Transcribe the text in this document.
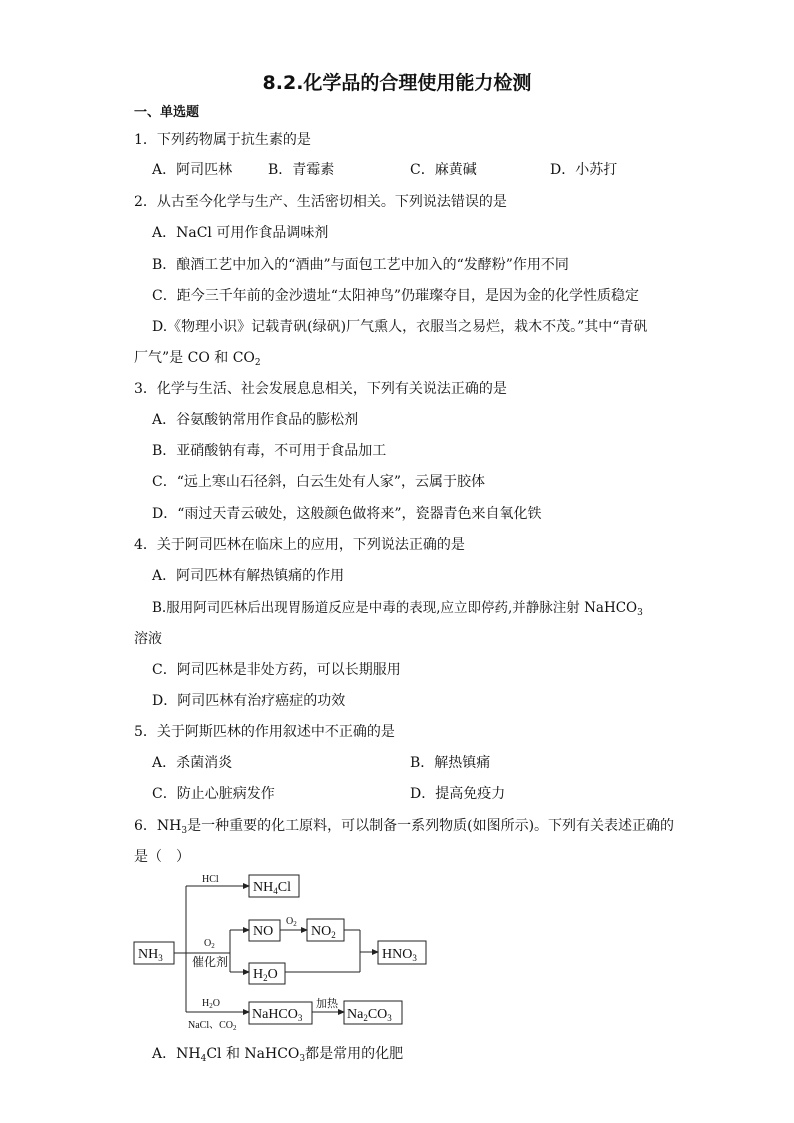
8.2.化学品的合理使用能力检测
一、单选题
1．下列药物属于抗生素的是
A．阿司匹林	B．青霉素	C．麻黄碱	D．小苏打
2．从古至今化学与生产、生活密切相关。下列说法错误的是
A．NaCl 可用作食品调味剂
B．酿酒工艺中加入的“酒曲”与面包工艺中加入的“发酵粉”作用不同
C．距今三千年前的金沙遗址“太阳神鸟”仍璀璨夺目，是因为金的化学性质稳定
D.《物理小识》记载青矾(绿矾)厂气熏人，衣服当之易烂，栽木不茂。”其中“青矾
厂气”是 CO 和 $CO_2$
3．化学与生活、社会发展息息相关，下列有关说法正确的是
A．谷氨酸钠常用作食品的膨松剂
B．亚硝酸钠有毒，不可用于食品加工
C．“远上寒山石径斜，白云生处有人家”，云属于胶体
D．“雨过天青云破处，这般颜色做将来”，瓷器青色来自氧化铁
4．关于阿司匹林在临床上的应用，下列说法正确的是
A．阿司匹林有解热镇痛的作用
B.服用阿司匹林后出现胃肠道反应是中毒的表现,应立即停药,并静脉注射 NaHCO$_3$
溶液
C．阿司匹林是非处方药，可以长期服用
D．阿司匹林有治疗癌症的功效
5．关于阿斯匹林的作用叙述中不正确的是
A．杀菌消炎	B．解热镇痛
C．防止心脏病发作	D．提高免疫力
6．$NH_3$是一种重要的化工原料，可以制备一系列物质(如图所示)。下列有关表述正确的
是（　）
$NH_3$
$NH_4Cl$
NO	$NO_2$
$H_2O$
$HNO_3$
NaHCO$_3$	$Na_2CO_3$
HCl
$O_2$
$O_2$
催化剂
$H_2O$
NaCl、$CO_2$
加热
A．$NH_4Cl$ 和 NaHCO$_3$都是常用的化肥
